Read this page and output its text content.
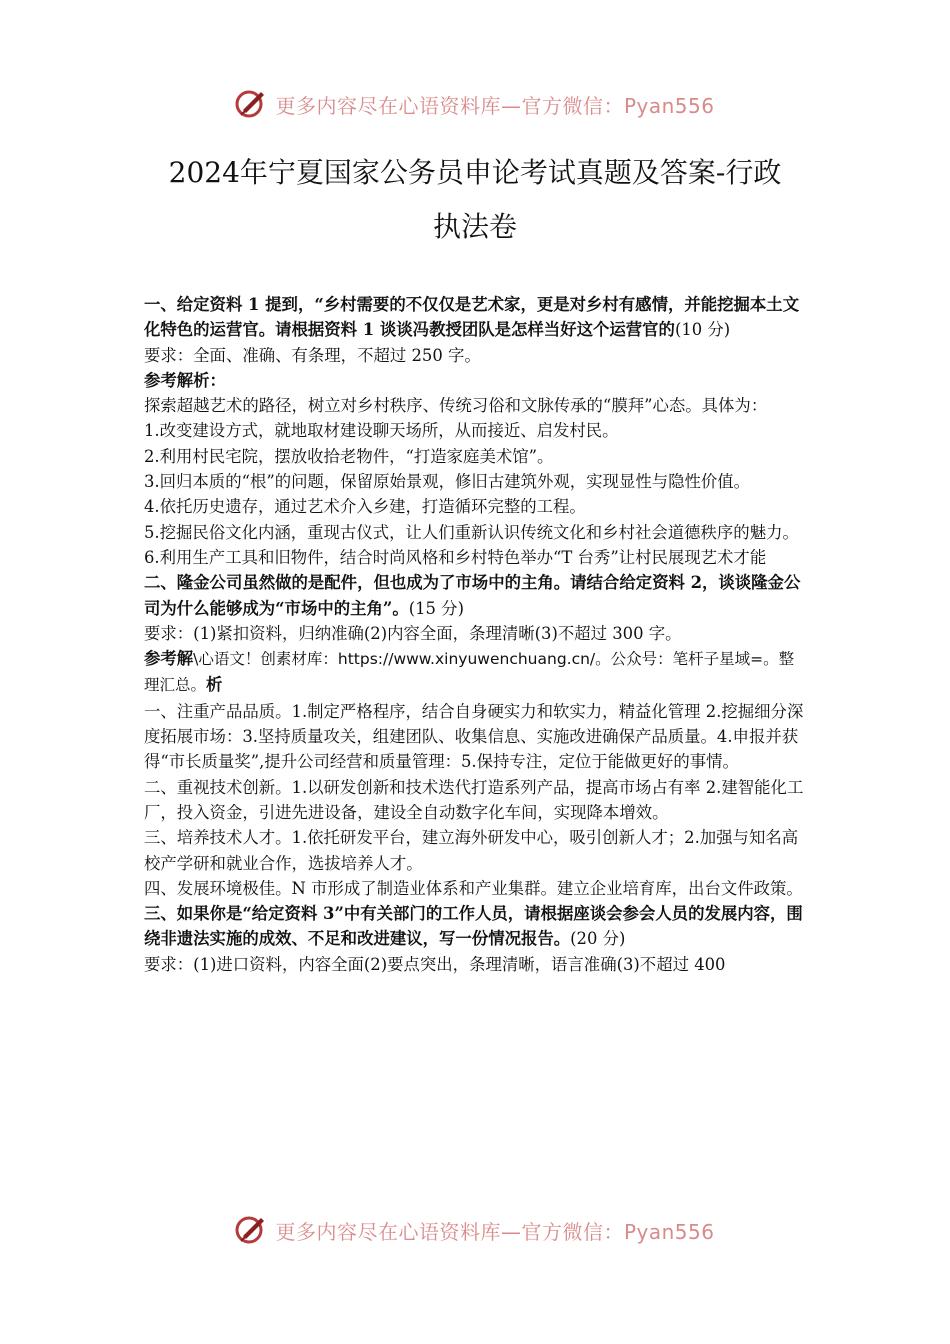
更多内容尽在心语资料库—官方微信：Pyan556
2024年宁夏国家公务员申论考试真题及答案-行政
执法卷

一、给定资料 1 提到，“乡村需要的不仅仅是艺术家，更是对乡村有感情，并能挖掘本土文化特色的运营官。请根据资料 1 谈谈冯教授团队是怎样当好这个运营官的(10 分)

要求：全面、准确、有条理，不超过 250 字。

参考解析：

探索超越艺术的路径，树立对乡村秩序、传统习俗和文脉传承的“膜拜”心态。具体为：

1.改变建设方式，就地取材建设聊天场所，从而接近、启发村民。

2.利用村民宅院，摆放收拾老物件，“打造家庭美术馆”。

3.回归本质的“根”的问题，保留原始景观，修旧古建筑外观，实现显性与隐性价值。

4.依托历史遗存，通过艺术介入乡建，打造循环完整的工程。

5.挖掘民俗文化内涵，重现古仪式，让人们重新认识传统文化和乡村社会道德秩序的魅力。

6.利用生产工具和旧物件，结合时尚风格和乡村特色举办“T 台秀”让村民展现艺术才能

二、隆金公司虽然做的是配件，但也成为了市场中的主角。请结合给定资料 2，谈谈隆金公司为什么能够成为“市场中的主角”。(15 分)

要求：(1)紧扣资料，归纳准确(2)内容全面，条理清晰(3)不超过 300 字。

参考解\心语文！创素材库：https://www.xinyuwenchuang.cn/。公众号：笔杆子星域=。整理汇总。析

一、注重产品品质。1.制定严格程序，结合自身硬实力和软实力，精益化管理 2.挖掘细分深度拓展市场：3.坚持质量攻关，组建团队、收集信息、实施改进确保产品质量。4.申报并获得“市长质量奖”,提升公司经营和质量管理：5.保持专注，定位于能做更好的事情。

二、重视技术创新。1.以研发创新和技术迭代打造系列产品，提高市场占有率 2.建智能化工厂，投入资金，引进先进设备，建设全自动数字化车间，实现降本增效。

三、培养技术人才。1.依托研发平台，建立海外研发中心，吸引创新人才；2.加强与知名高校产学研和就业合作，选拔培养人才。

四、发展环境极佳。N 市形成了制造业体系和产业集群。建立企业培育库，出台文件政策。

三、如果你是“给定资料 3”中有关部门的工作人员，请根据座谈会参会人员的发展内容，围绕非遗法实施的成效、不足和改进建议，写一份情况报告。(20 分)

要求：(1)进口资料，内容全面(2)要点突出，条理清晰，语言准确(3)不超过 400

更多内容尽在心语资料库—官方微信：Pyan556
